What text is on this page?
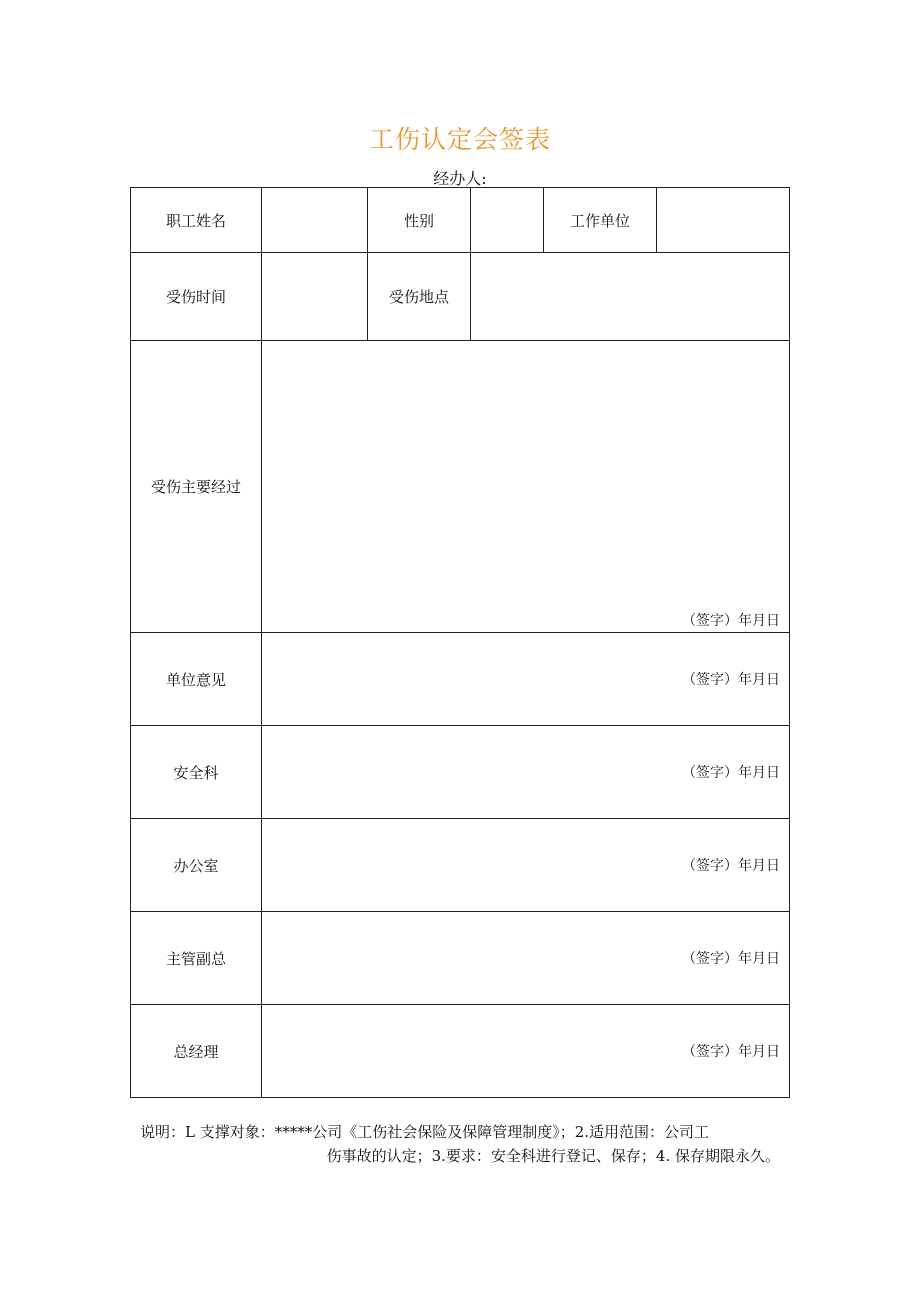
工伤认定会签表
经办人:
职工姓名		性别		工作单位	
受伤时间		受伤地点			
受伤主要经过	（签字）年月日				

单位意见	（签字）年月日				

安全科	（签字）年月日				

办公室	（签字）年月日				

主管副总	（签字）年月日				

总经理	（签字）年月日				
说明：L 支撑对象：*****公司《工伤社会保险及保障管理制度》；2.适用范围：公司工
伤事故的认定；3.要求：安全科进行登记、保存；4. 保存期限永久。
